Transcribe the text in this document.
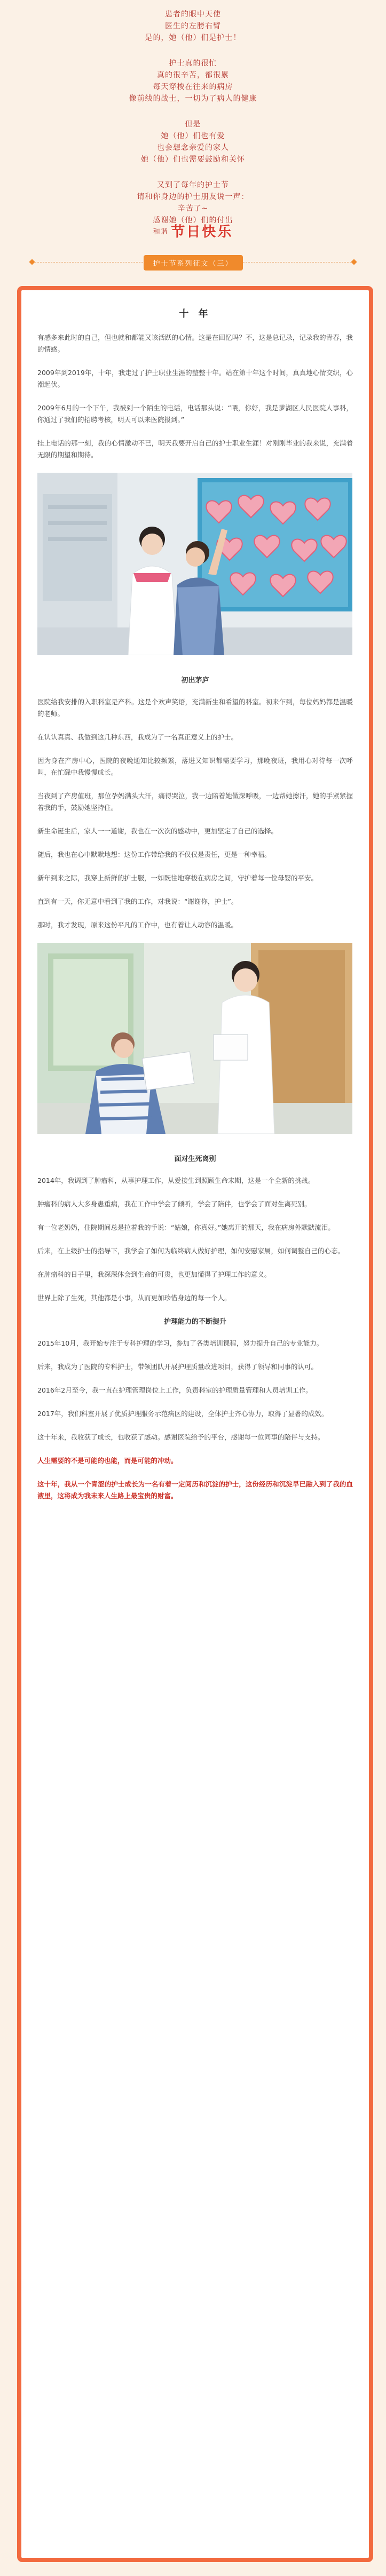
患者的眼中天使

医生的左膀右臂

是的，她（他）们是护士！

护士真的很忙

真的很辛苦，都很累

每天穿梭在往来的病房

像前线的战士，一切为了病人的健康

但是

她（他）们也有爱

也会想念亲爱的家人

她（他）们也需要鼓励和关怀

又到了每年的护士节

请和你身边的护士朋友说一声：

辛苦了~

感谢她（他）们的付出

和谐 节日快乐

护士节系列征文（三）
十 年

有感多来此时的自己，但也就和都能又该活跃的心情。这是在回忆吗？不，这是总记录，记录我的青春，我的情感。

2009年到2019年，十年，我走过了护士职业生涯的整整十年。站在第十年这个时间，真真地心情交织，心潮起伏。

2009年6月的一个下午，我被到一个陌生的电话，电话那头说：“喂，你好，我是萝湖区人民医院人事科，你通过了我们的招聘考核，明天可以来医院报到。”

挂上电话的那一刻，我的心情激动不已，明天我要开启自己的护士职业生涯！对刚刚毕业的我来说，充满着无限的期望和期待。

初出茅庐

医院给我安排的入职科室是产科。这是个欢声笑语，充满新生和希望的科室。初来乍到，每位妈妈都是温暖的老师。

在认认真真、我做到这几种东西，我成为了一名真正意义上的护士。

因为身在产房中心，医院的夜晚通知比较频繁，落进又知识都需要学习，那晚夜班，我用心对待每一次呼叫，在忙碌中我慢慢成长。

当夜到了产房值班，那位孕妈满头大汗，痛得哭泣，我一边陪着她做深呼吸，一边帮她擦汗，她的手紧紧握着我的手，鼓励她坚持住。

新生命诞生后，家人一一道谢，我也在一次次的感动中，更加坚定了自己的选择。

随后，我也在心中默默地想：这份工作带给我的不仅仅是责任，更是一种幸福。

新年到来之际，我穿上新鲜的护士服，一如既往地穿梭在病房之间，守护着每一位母婴的平安。

直到有一天，你无意中看到了我的工作，对我说：“谢谢你，护士”。

那时，我才发现，原来这份平凡的工作中，也有着让人动容的温暖。

面对生死离别

2014年，我调到了肿瘤科，从事护理工作，从爱接生到照顾生命末期，这是一个全新的挑战。

肿瘤科的病人大多身患重病，我在工作中学会了倾听，学会了陪伴，也学会了面对生离死别。

有一位老奶奶，住院期间总是拉着我的手说：“姑娘，你真好。”她离开的那天，我在病房外默默流泪。

后来，在上级护士的指导下，我学会了如何为临终病人做好护理，如何安慰家属，如何调整自己的心态。

在肿瘤科的日子里，我深深体会到生命的可贵，也更加懂得了护理工作的意义。

世界上除了生死，其他都是小事，从而更加珍惜身边的每一个人。

护理能力的不断提升

2015年10月，我开始专注于专科护理的学习，参加了各类培训课程，努力提升自己的专业能力。

后来，我成为了医院的专科护士，带领团队开展护理质量改进项目，获得了领导和同事的认可。

2016年2月至今，我一直在护理管理岗位上工作，负责科室的护理质量管理和人员培训工作。

2017年，我们科室开展了优质护理服务示范病区的建设，全体护士齐心协力，取得了显著的成效。

这十年来，我收获了成长，也收获了感动。感谢医院给予的平台，感谢每一位同事的陪伴与支持。

人生需要的不是可能的也能，而是可能的冲动。

这十年，我从一个青涩的护士成长为一名有着一定阅历和沉淀的护士，这份经历和沉淀早已融入到了我的血液里，这将成为我未来人生路上最宝贵的财富。
